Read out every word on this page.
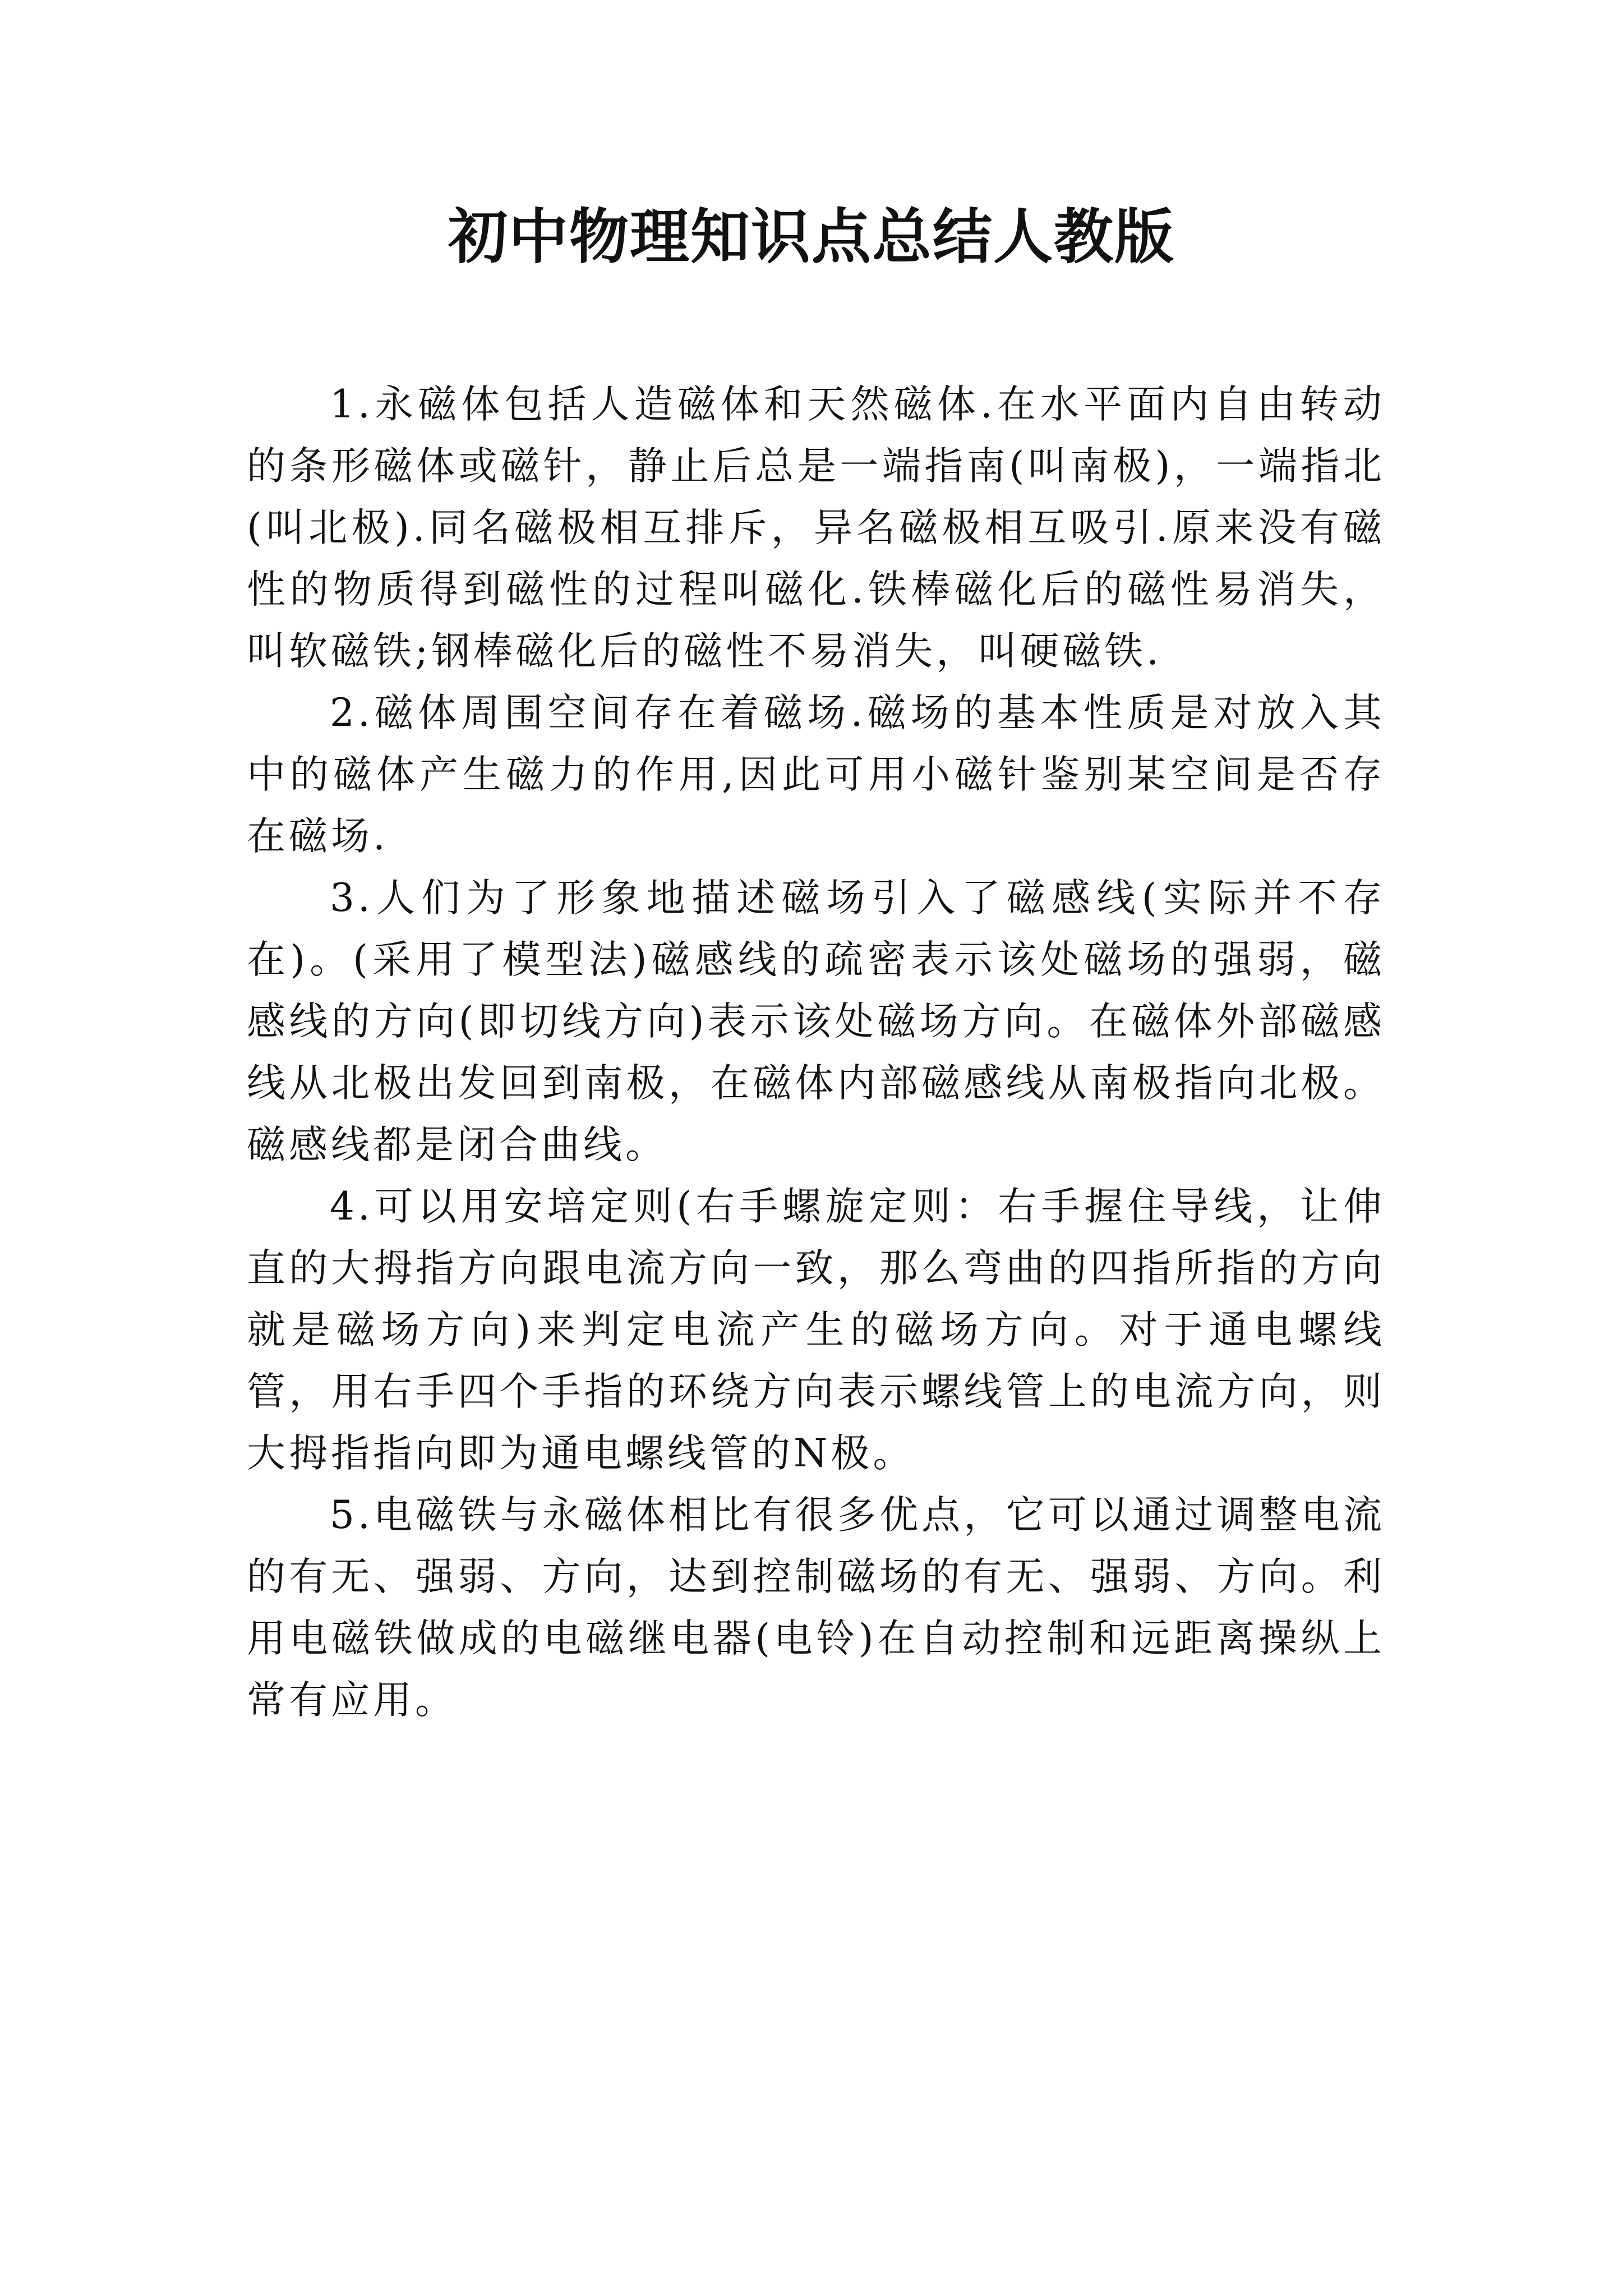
初中物理知识点总结人教版

1.永磁体包括人造磁体和天然磁体.在水平面内自由转动的条形磁体或磁针，静止后总是一端指南(叫南极)，一端指北(叫北极).同名磁极相互排斥，异名磁极相互吸引.原来没有磁性的物质得到磁性的过程叫磁化.铁棒磁化后的磁性易消失，叫软磁铁;钢棒磁化后的磁性不易消失，叫硬磁铁.

2.磁体周围空间存在着磁场.磁场的基本性质是对放入其中的磁体产生磁力的作用,因此可用小磁针鉴别某空间是否存在磁场.

3.人们为了形象地描述磁场引入了磁感线(实际并不存在)。(采用了模型法)磁感线的疏密表示该处磁场的强弱，磁感线的方向(即切线方向)表示该处磁场方向。在磁体外部磁感线从北极出发回到南极，在磁体内部磁感线从南极指向北极。磁感线都是闭合曲线。

4.可以用安培定则(右手螺旋定则：右手握住导线，让伸直的大拇指方向跟电流方向一致，那么弯曲的四指所指的方向就是磁场方向)来判定电流产生的磁场方向。对于通电螺线管，用右手四个手指的环绕方向表示螺线管上的电流方向，则大拇指指向即为通电螺线管的N极。

5.电磁铁与永磁体相比有很多优点，它可以通过调整电流的有无、强弱、方向，达到控制磁场的有无、强弱、方向。利用电磁铁做成的电磁继电器(电铃)在自动控制和远距离操纵上常有应用。
